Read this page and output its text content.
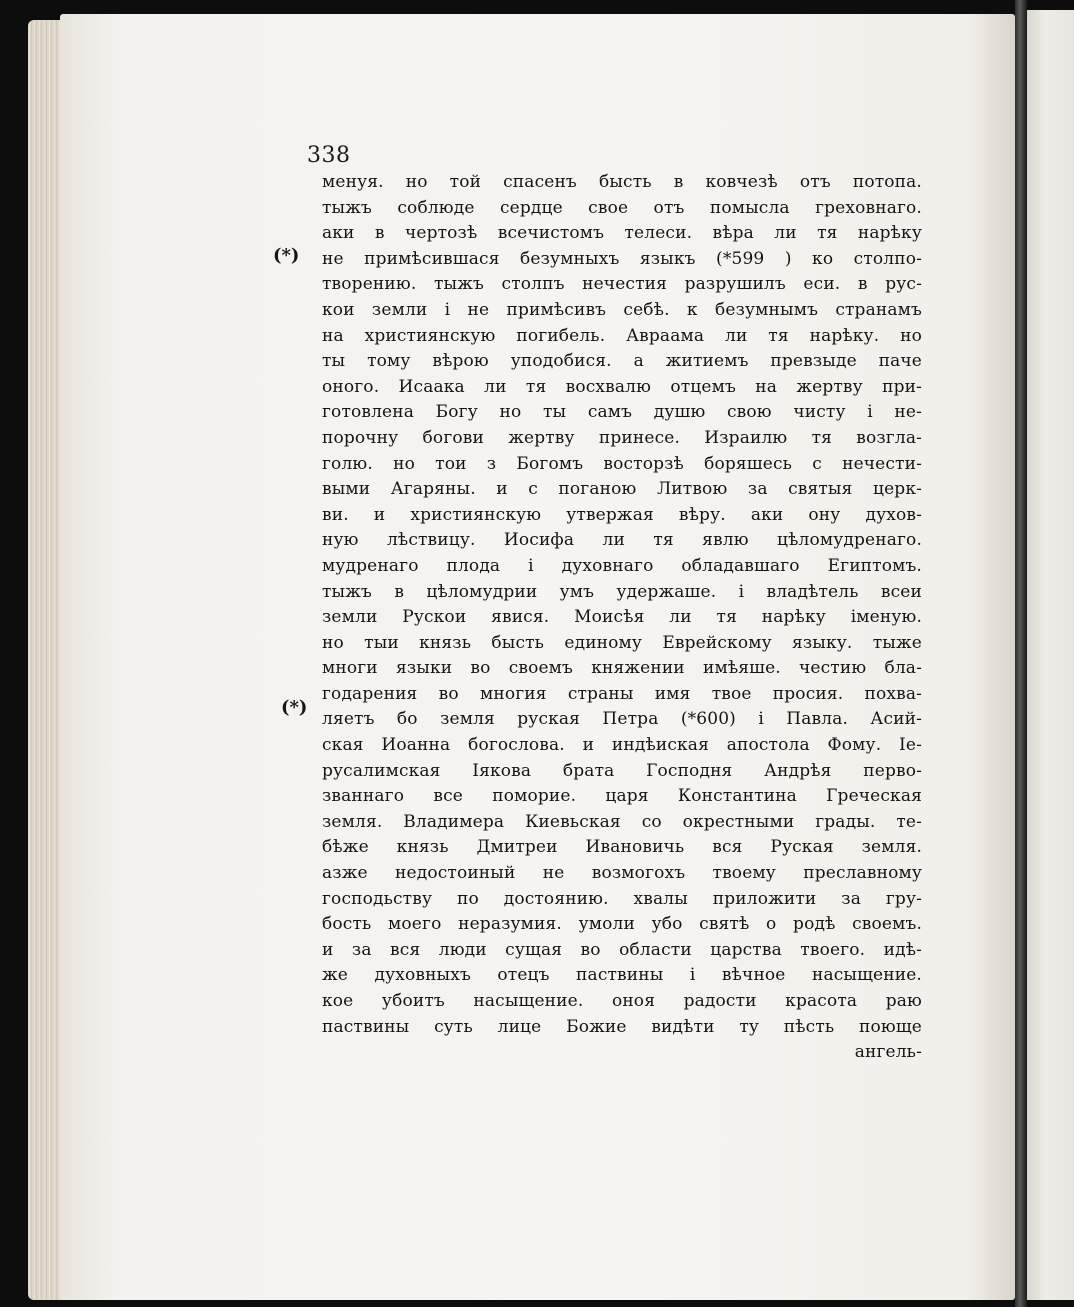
338
(*)
(*)
менуя. но той спасенъ бысть в ковчезѣ отъ потопа.
тыжъ соблюде сердце свое отъ помысла греховнаго.
аки в чертозѣ всечистомъ телеси. вѣра ли тя нарѣку
не примѣсившася безумныхъ языкъ (*599 ) ко столпо-
творению. тыжъ столпъ нечестия разрушилъ еси. в рус-
кои земли і не примѣсивъ себѣ. к безумнымъ странамъ
на християнскую погибель. Авраама ли тя нарѣку. но
ты тому вѣрою уподобися. а житиемъ превзыде паче
оного. Исаака ли тя восхвалю отцемъ на жертву при-
готовлена Богу но ты самъ душю свою чисту і не-
порочну богови жертву принесе. Израилю тя возгла-
голю. но тои з Богомъ востоpзѣ боряшесь с нечести-
выми Агаряны. и с поганою Литвою за святыя церк-
ви. и християнскую утвержая вѣру. аки ону духов-
ную лѣствицу. Иосифа ли тя явлю цѣломудренаго.
мудренаго плода і духовнаго обладавшаго Египтомъ.
тыжъ в цѣломудрии умъ удержаше. і владѣтель всеи
земли Рускои явися. Моисѣя ли тя нарѣку іменую.
но тыи князь бысть единому Еврейскому языку. тыже
многи языки во своемъ княжении имѣяше. честию бла-
годарения во многия страны имя твое просия. похва-
ляетъ бо земля руская Петра (*600) і Павла. Асий-
ская Иоанна богослова. и индѣиская апостола Фому. Іе-
русалимская Іякова брата Господня Андрѣя перво-
званнаго все поморие. царя Константина Греческая
земля. Владимера Киевьская со окрестными грады. те-
бѣже князь Дмитреи Ивановичь вся Руская земля.
азже недостоиный не возмогохъ твоему преславному
господьству по достоянию. хвалы приложити за гру-
бость моего неразумия. умоли убо святѣ о родѣ своемъ.
и за вся люди сущая во области царства твоего. идѣ-
же духовныхъ отецъ паствины і вѣчное насыщение.
кое убоитъ насыщение. оноя радости красота раю
паствины суть лице Божие видѣти ту пѣсть поюще
ангель-
